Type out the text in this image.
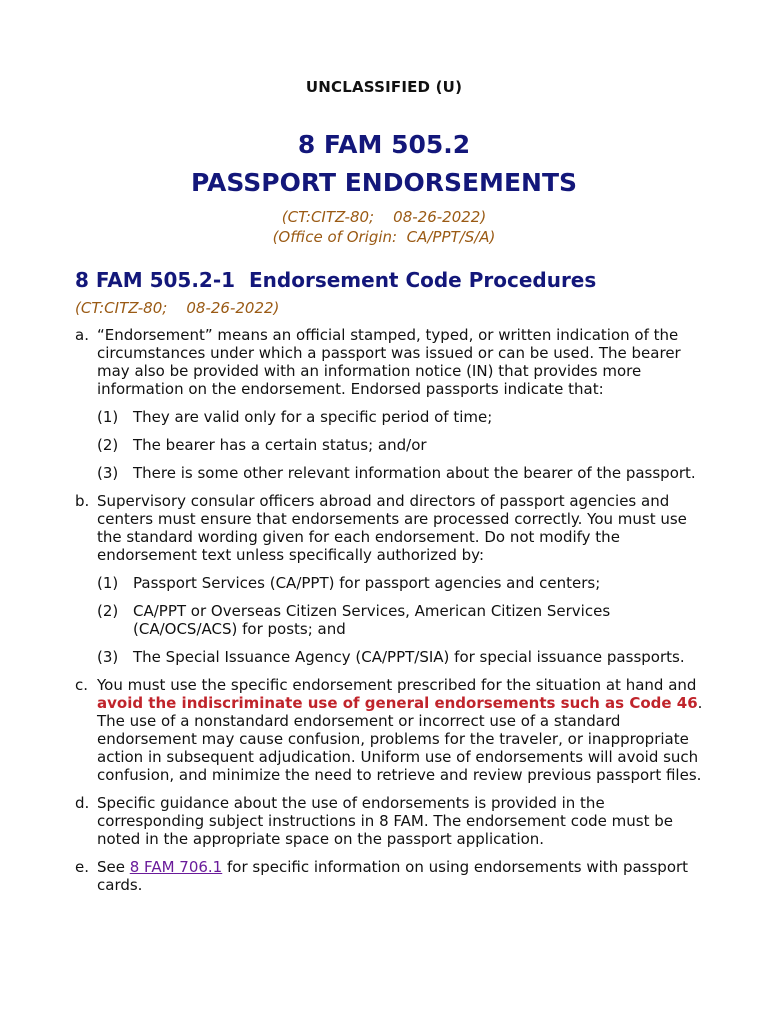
UNCLASSIFIED (U)
8 FAM 505.2
PASSPORT ENDORSEMENTS
(CT:CITZ-80;    08-26-2022)
(Office of Origin:  CA/PPT/S/A)
8 FAM 505.2-1  Endorsement Code Procedures
(CT:CITZ-80;    08-26-2022)
a. “Endorsement” means an official stamped, typed, or written indication of the circumstances under which a passport was issued or can be used. The bearer may also be provided with an information notice (IN) that provides more information on the endorsement. Endorsed passports indicate that:
(1) They are valid only for a specific period of time;
(2) The bearer has a certain status; and/or
(3) There is some other relevant information about the bearer of the passport.
b. Supervisory consular officers abroad and directors of passport agencies and centers must ensure that endorsements are processed correctly. You must use the standard wording given for each endorsement. Do not modify the endorsement text unless specifically authorized by:
(1) Passport Services (CA/PPT) for passport agencies and centers;
(2) CA/PPT or Overseas Citizen Services, American Citizen Services (CA/OCS/ACS) for posts; and
(3) The Special Issuance Agency (CA/PPT/SIA) for special issuance passports.
c. You must use the specific endorsement prescribed for the situation at hand and avoid the indiscriminate use of general endorsements such as Code 46. The use of a nonstandard endorsement or incorrect use of a standard endorsement may cause confusion, problems for the traveler, or inappropriate action in subsequent adjudication. Uniform use of endorsements will avoid such confusion, and minimize the need to retrieve and review previous passport files.
d. Specific guidance about the use of endorsements is provided in the corresponding subject instructions in 8 FAM. The endorsement code must be noted in the appropriate space on the passport application.
e. See 8 FAM 706.1 for specific information on using endorsements with passport cards.
